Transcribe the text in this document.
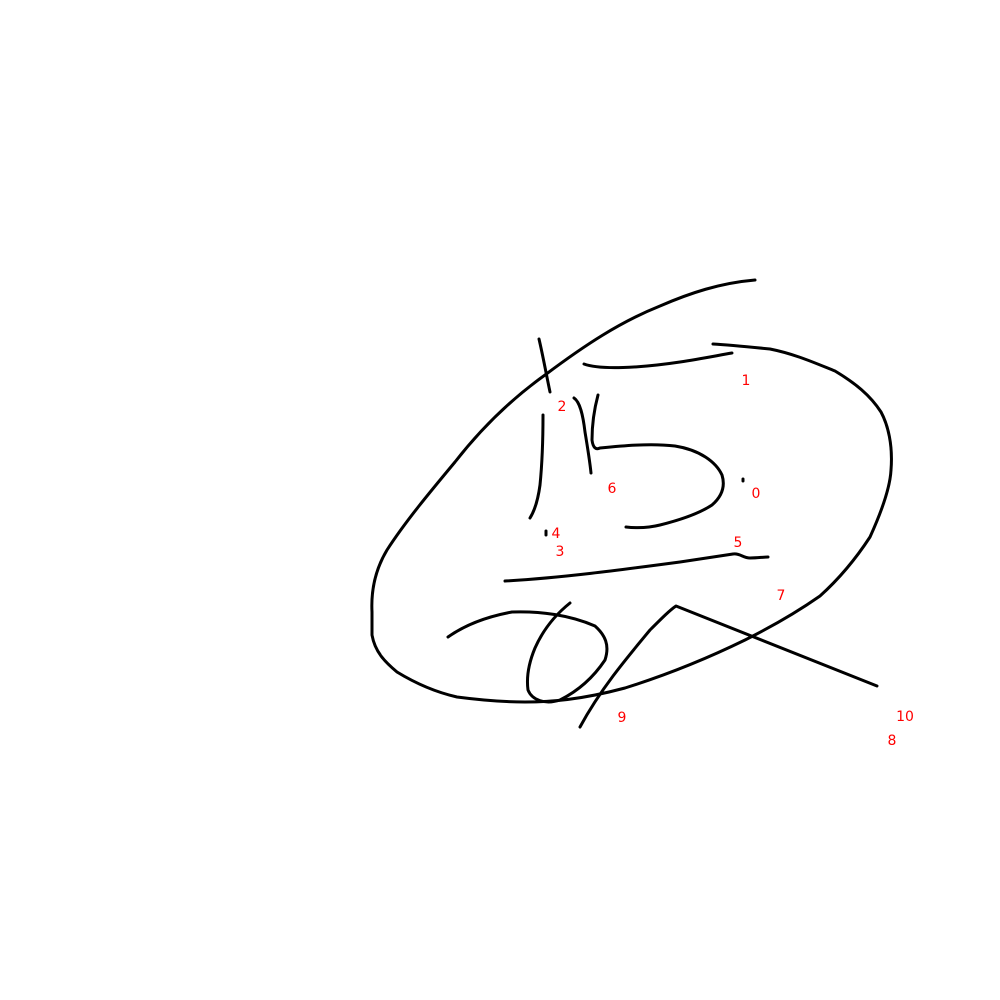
0
1
2
3
4
5
6
7
8
9	10
